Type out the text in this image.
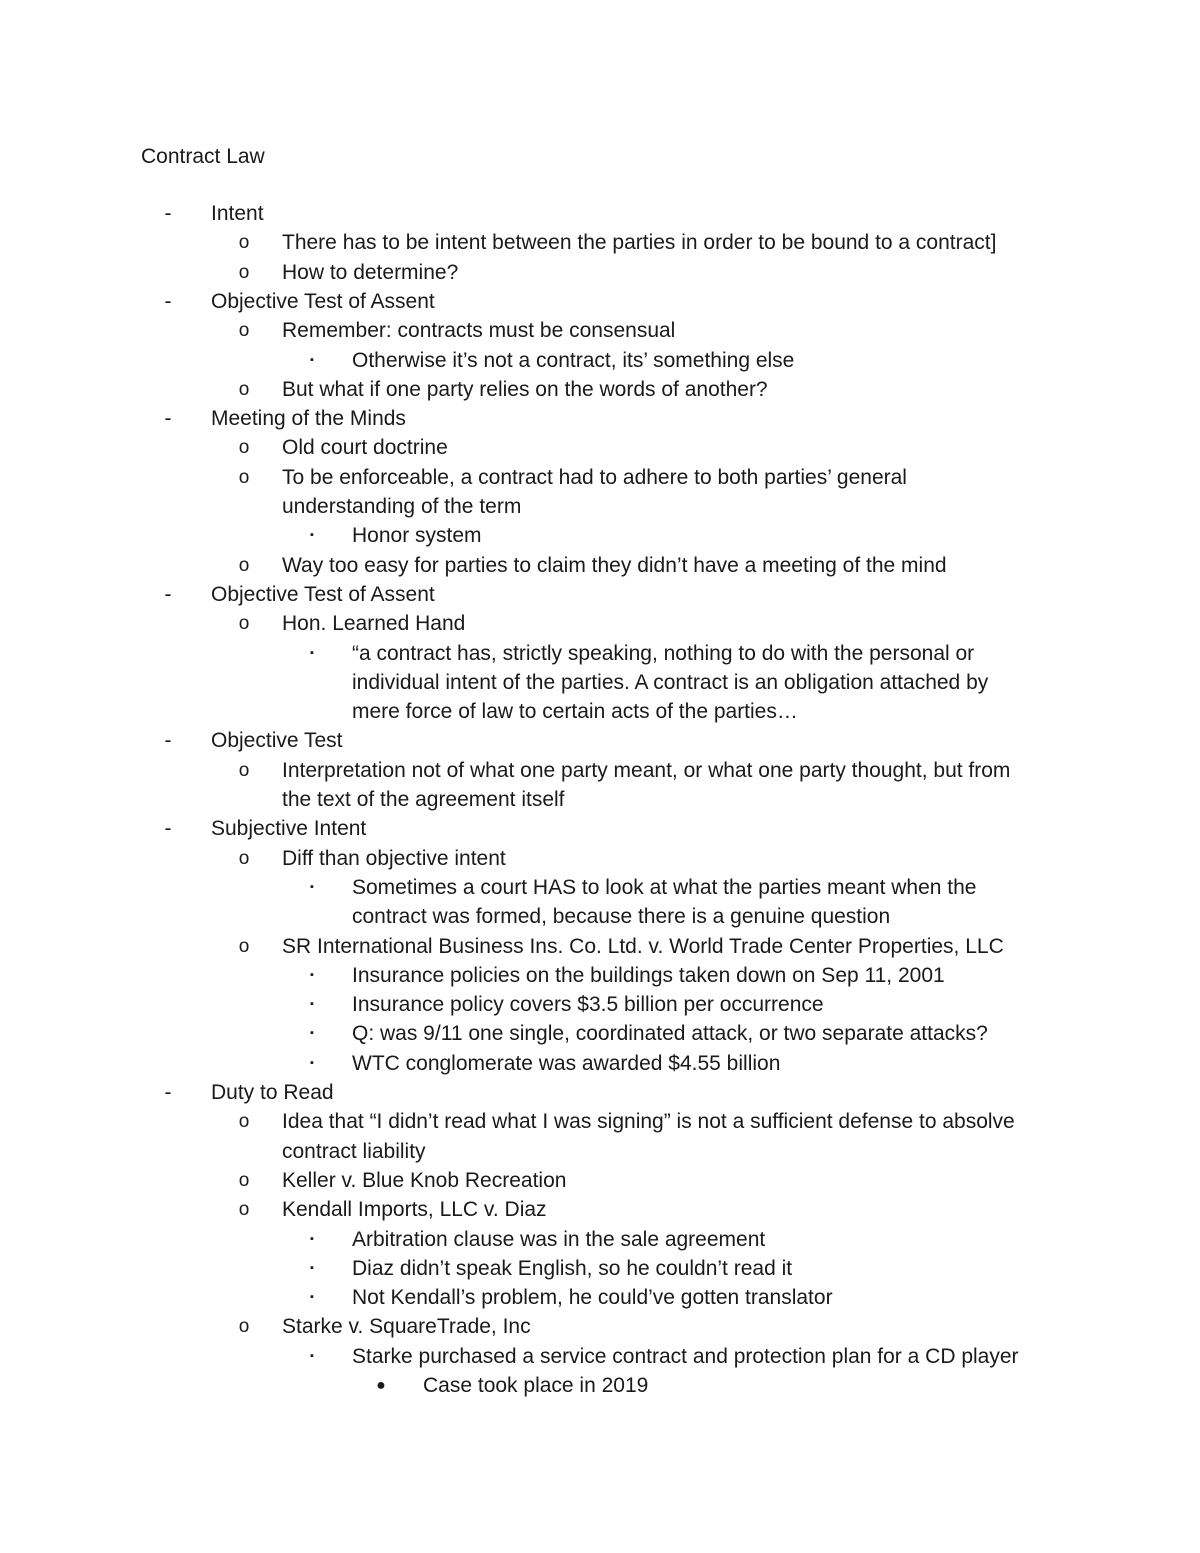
Contract Law
-	Intent
o There has to be intent between the parties in order to be bound to a contract]
o How to determine?
-	Objective Test of Assent
o Remember: contracts must be consensual
▪	Otherwise it’s not a contract, its’ something else
o But what if one party relies on the words of another?
-	Meeting of the Minds
o Old court doctrine
o To be enforceable, a contract had to adhere to both parties’ general
understanding of the term
▪	Honor system
o Way too easy for parties to claim they didn’t have a meeting of the mind
-	Objective Test of Assent
o Hon. Learned Hand
▪	“a contract has, strictly speaking, nothing to do with the personal or
individual intent of the parties. A contract is an obligation attached by
mere force of law to certain acts of the parties…
-	Objective Test
o Interpretation not of what one party meant, or what one party thought, but from
the text of the agreement itself
-	Subjective Intent
o Diff than objective intent
▪	Sometimes a court HAS to look at what the parties meant when the
contract was formed, because there is a genuine question
o SR International Business Ins. Co. Ltd. v. World Trade Center Properties, LLC
▪	Insurance policies on the buildings taken down on Sep 11, 2001
▪	Insurance policy covers $3.5 billion per occurrence
▪	Q: was 9/11 one single, coordinated attack, or two separate attacks?
▪	WTC conglomerate was awarded $4.55 billion
-	Duty to Read
o Idea that “I didn’t read what I was signing” is not a sufficient defense to absolve
contract liability
o Keller v. Blue Knob Recreation
o Kendall Imports, LLC v. Diaz
▪	Arbitration clause was in the sale agreement
▪	Diaz didn’t speak English, so he couldn’t read it
▪	Not Kendall’s problem, he could’ve gotten translator
o Starke v. SquareTrade, Inc
▪	Starke purchased a service contract and protection plan for a CD player
● Case took place in 2019
